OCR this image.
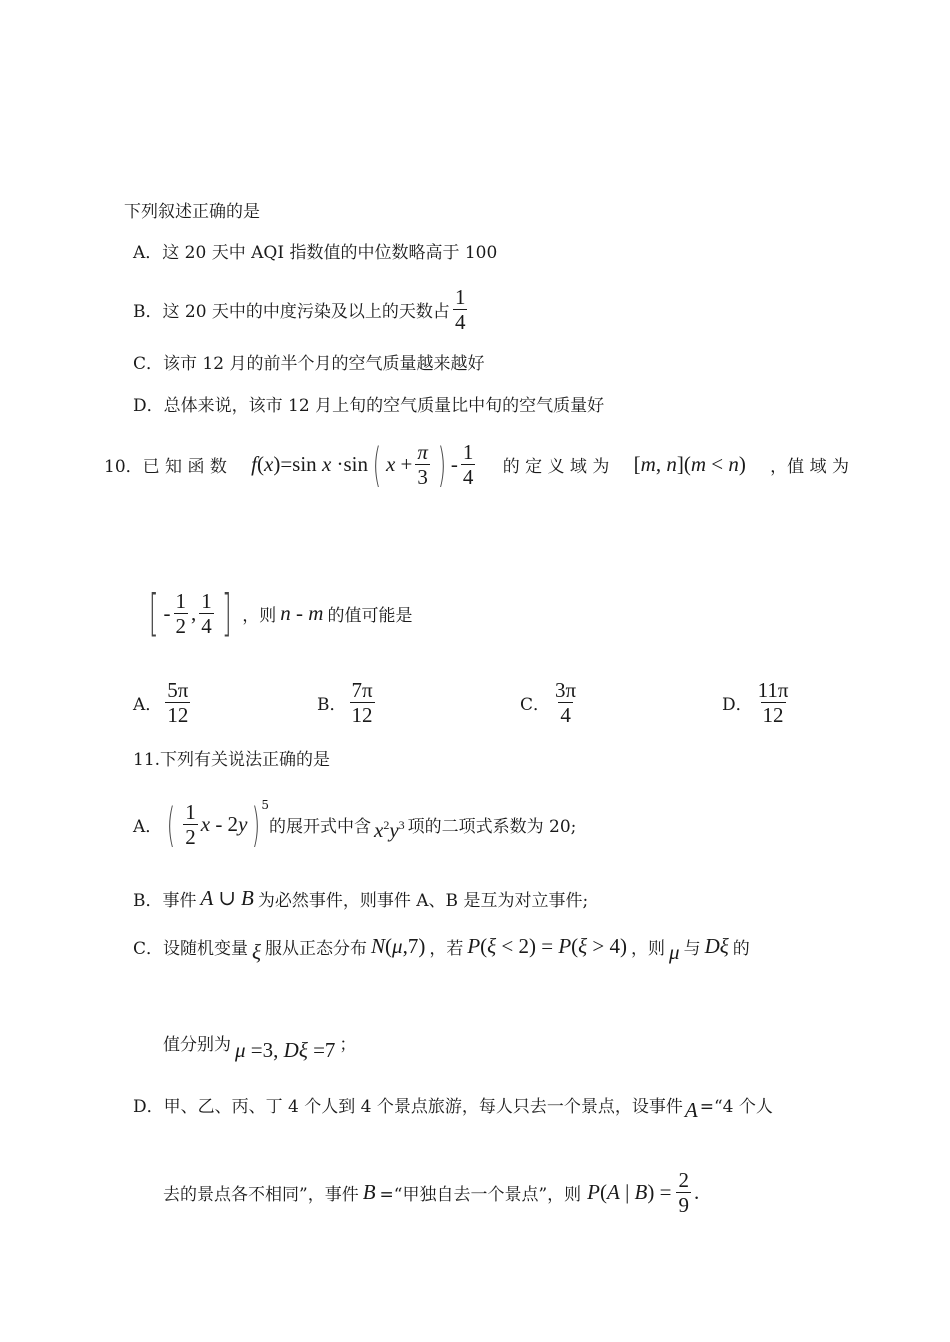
下列叙述正确的是
A．这 20 天中 AQI 指数值的中位数略高于 100
B．这 20 天中的中度污染及以上的天数占 $\frac{1}{4}$
C．该市 12 月的前半个月的空气质量越来越好
D．总体来说，该市 12 月上旬的空气质量比中旬的空气质量好
10．已 知 函 数 f(x)=sin x ·sin ( $x + \frac{\pi}{3}$ ) - $\frac{1}{4}$ 的 定 义 域 为 [m, n](m < n) ，值 域 为
[ - $\frac{1}{2}$ , $\frac{1}{4}$ ] ，则 n - m 的值可能是
A． $\frac{5\pi}{12}$	B． $\frac{7\pi}{12}$	C． $\frac{3\pi}{4}$	D． $\frac{11\pi}{12}$
11.下列有关说法正确的是
A． ( $\frac{1}{2}$ x - 2y )$^5$
的展开式中含 $x^2y^3$ 项的二项式系数为 20;
B．事件 A ∪ B 为必然事件，则事件 A、B 是互为对立事件;
C．设随机变量 ξ 服从正态分布 N(μ,7) ，若 P(ξ < 2) = P(ξ > 4) ，则 μ 与 Dξ 的
值分别为 μ =3, Dξ =7 ；
D．甲、乙、丙、丁 4 个人到 4 个景点旅游，每人只去一个景点，设事件 A =“4 个人
去的景点各不相同”，事件 B =“甲独自去一个景点”，则 P(A | $B) = \frac{2}{9}$ .
